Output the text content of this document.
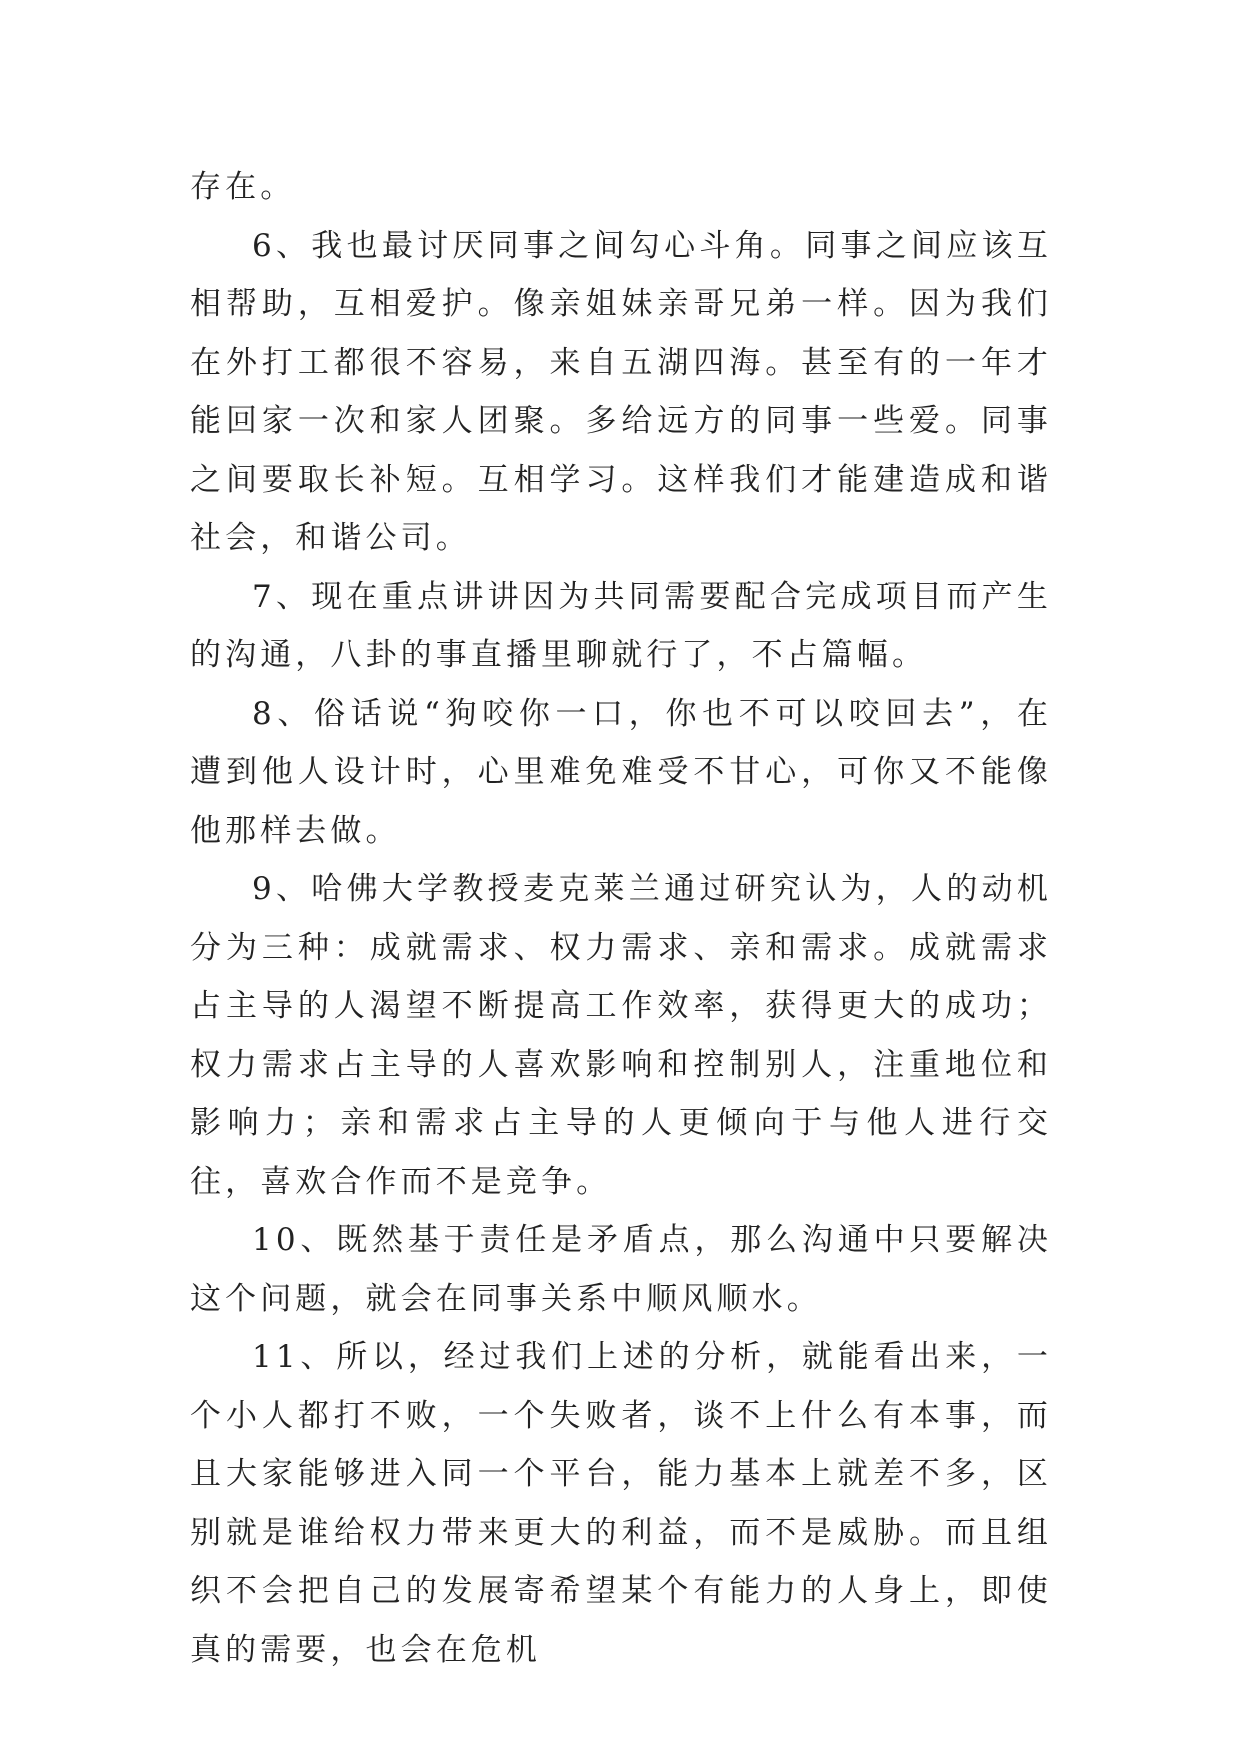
存在。

6、我也最讨厌同事之间勾心斗角。同事之间应该互相帮助，互相爱护。像亲姐妹亲哥兄弟一样。因为我们在外打工都很不容易，来自五湖四海。甚至有的一年才能回家一次和家人团聚。多给远方的同事一些爱。同事之间要取长补短。互相学习。这样我们才能建造成和谐社会，和谐公司。

7、现在重点讲讲因为共同需要配合完成项目而产生的沟通，八卦的事直播里聊就行了，不占篇幅。

8、俗话说“狗咬你一口，你也不可以咬回去”，在遭到他人设计时，心里难免难受不甘心，可你又不能像他那样去做。

9、哈佛大学教授麦克莱兰通过研究认为，人的动机分为三种：成就需求、权力需求、亲和需求。成就需求占主导的人渴望不断提高工作效率，获得更大的成功；权力需求占主导的人喜欢影响和控制别人，注重地位和影响力；亲和需求占主导的人更倾向于与他人进行交往，喜欢合作而不是竞争。

10、既然基于责任是矛盾点，那么沟通中只要解决这个问题，就会在同事关系中顺风顺水。

11、所以，经过我们上述的分析，就能看出来，一个小人都打不败，一个失败者，谈不上什么有本事，而且大家能够进入同一个平台，能力基本上就差不多，区别就是谁给权力带来更大的利益，而不是威胁。而且组织不会把自己的发展寄希望某个有能力的人身上，即使真的需要，也会在危机
